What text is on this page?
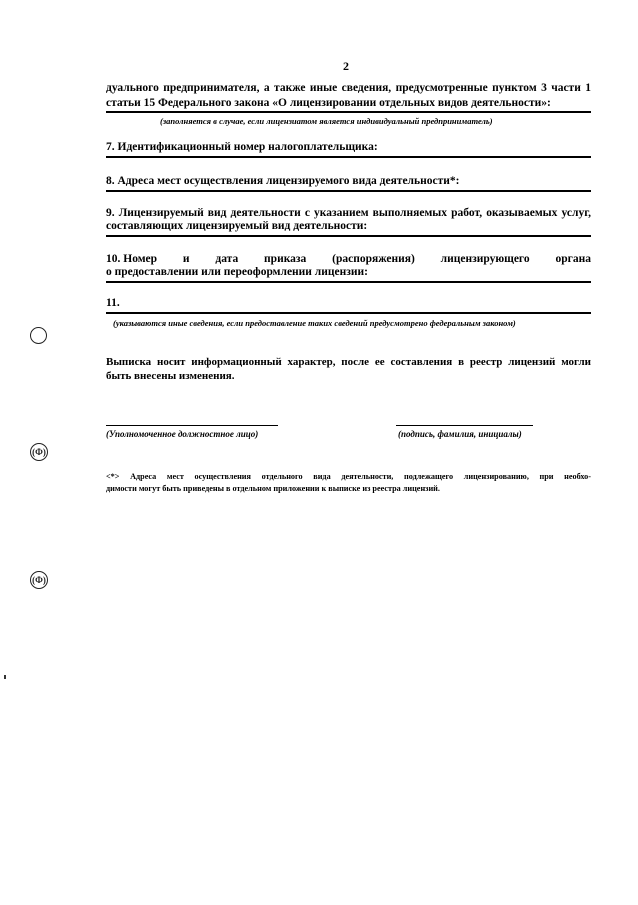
2
дуального предпринимателя, а также иные сведения, предусмотренные пунктом 3 части 1
статьи 15 Федерального закона «О лицензировании отдельных видов деятельности»:
(заполняется в случае, если лицензиатом является индивидуальный предприниматель)
7. Идентификационный номер налогоплательщика:
8. Адреса мест осуществления лицензируемого вида деятельности*:
9. Лицензируемый вид деятельности с указанием выполняемых работ, оказываемых услуг,
составляющих лицензируемый вид деятельности:
10. Номер и дата приказа (распоряжения) лицензирующего органа
о предоставлении или переоформлении лицензии:
11.
(указываются иные сведения, если предоставление таких сведений предусмотрено федеральным законом)
Выписка носит информационный характер, после ее составления в реестр лицензий могли
быть внесены изменения.
(Уполномоченное должностное лицо)	(подпись, фамилия, инициалы)
<*> Адреса мест осуществления отдельного вида деятельности, подлежащего лицензированию, при необхо-
димости могут быть приведены в отдельном приложении к выписке из реестра лицензий.
(Ф)
(Ф)
